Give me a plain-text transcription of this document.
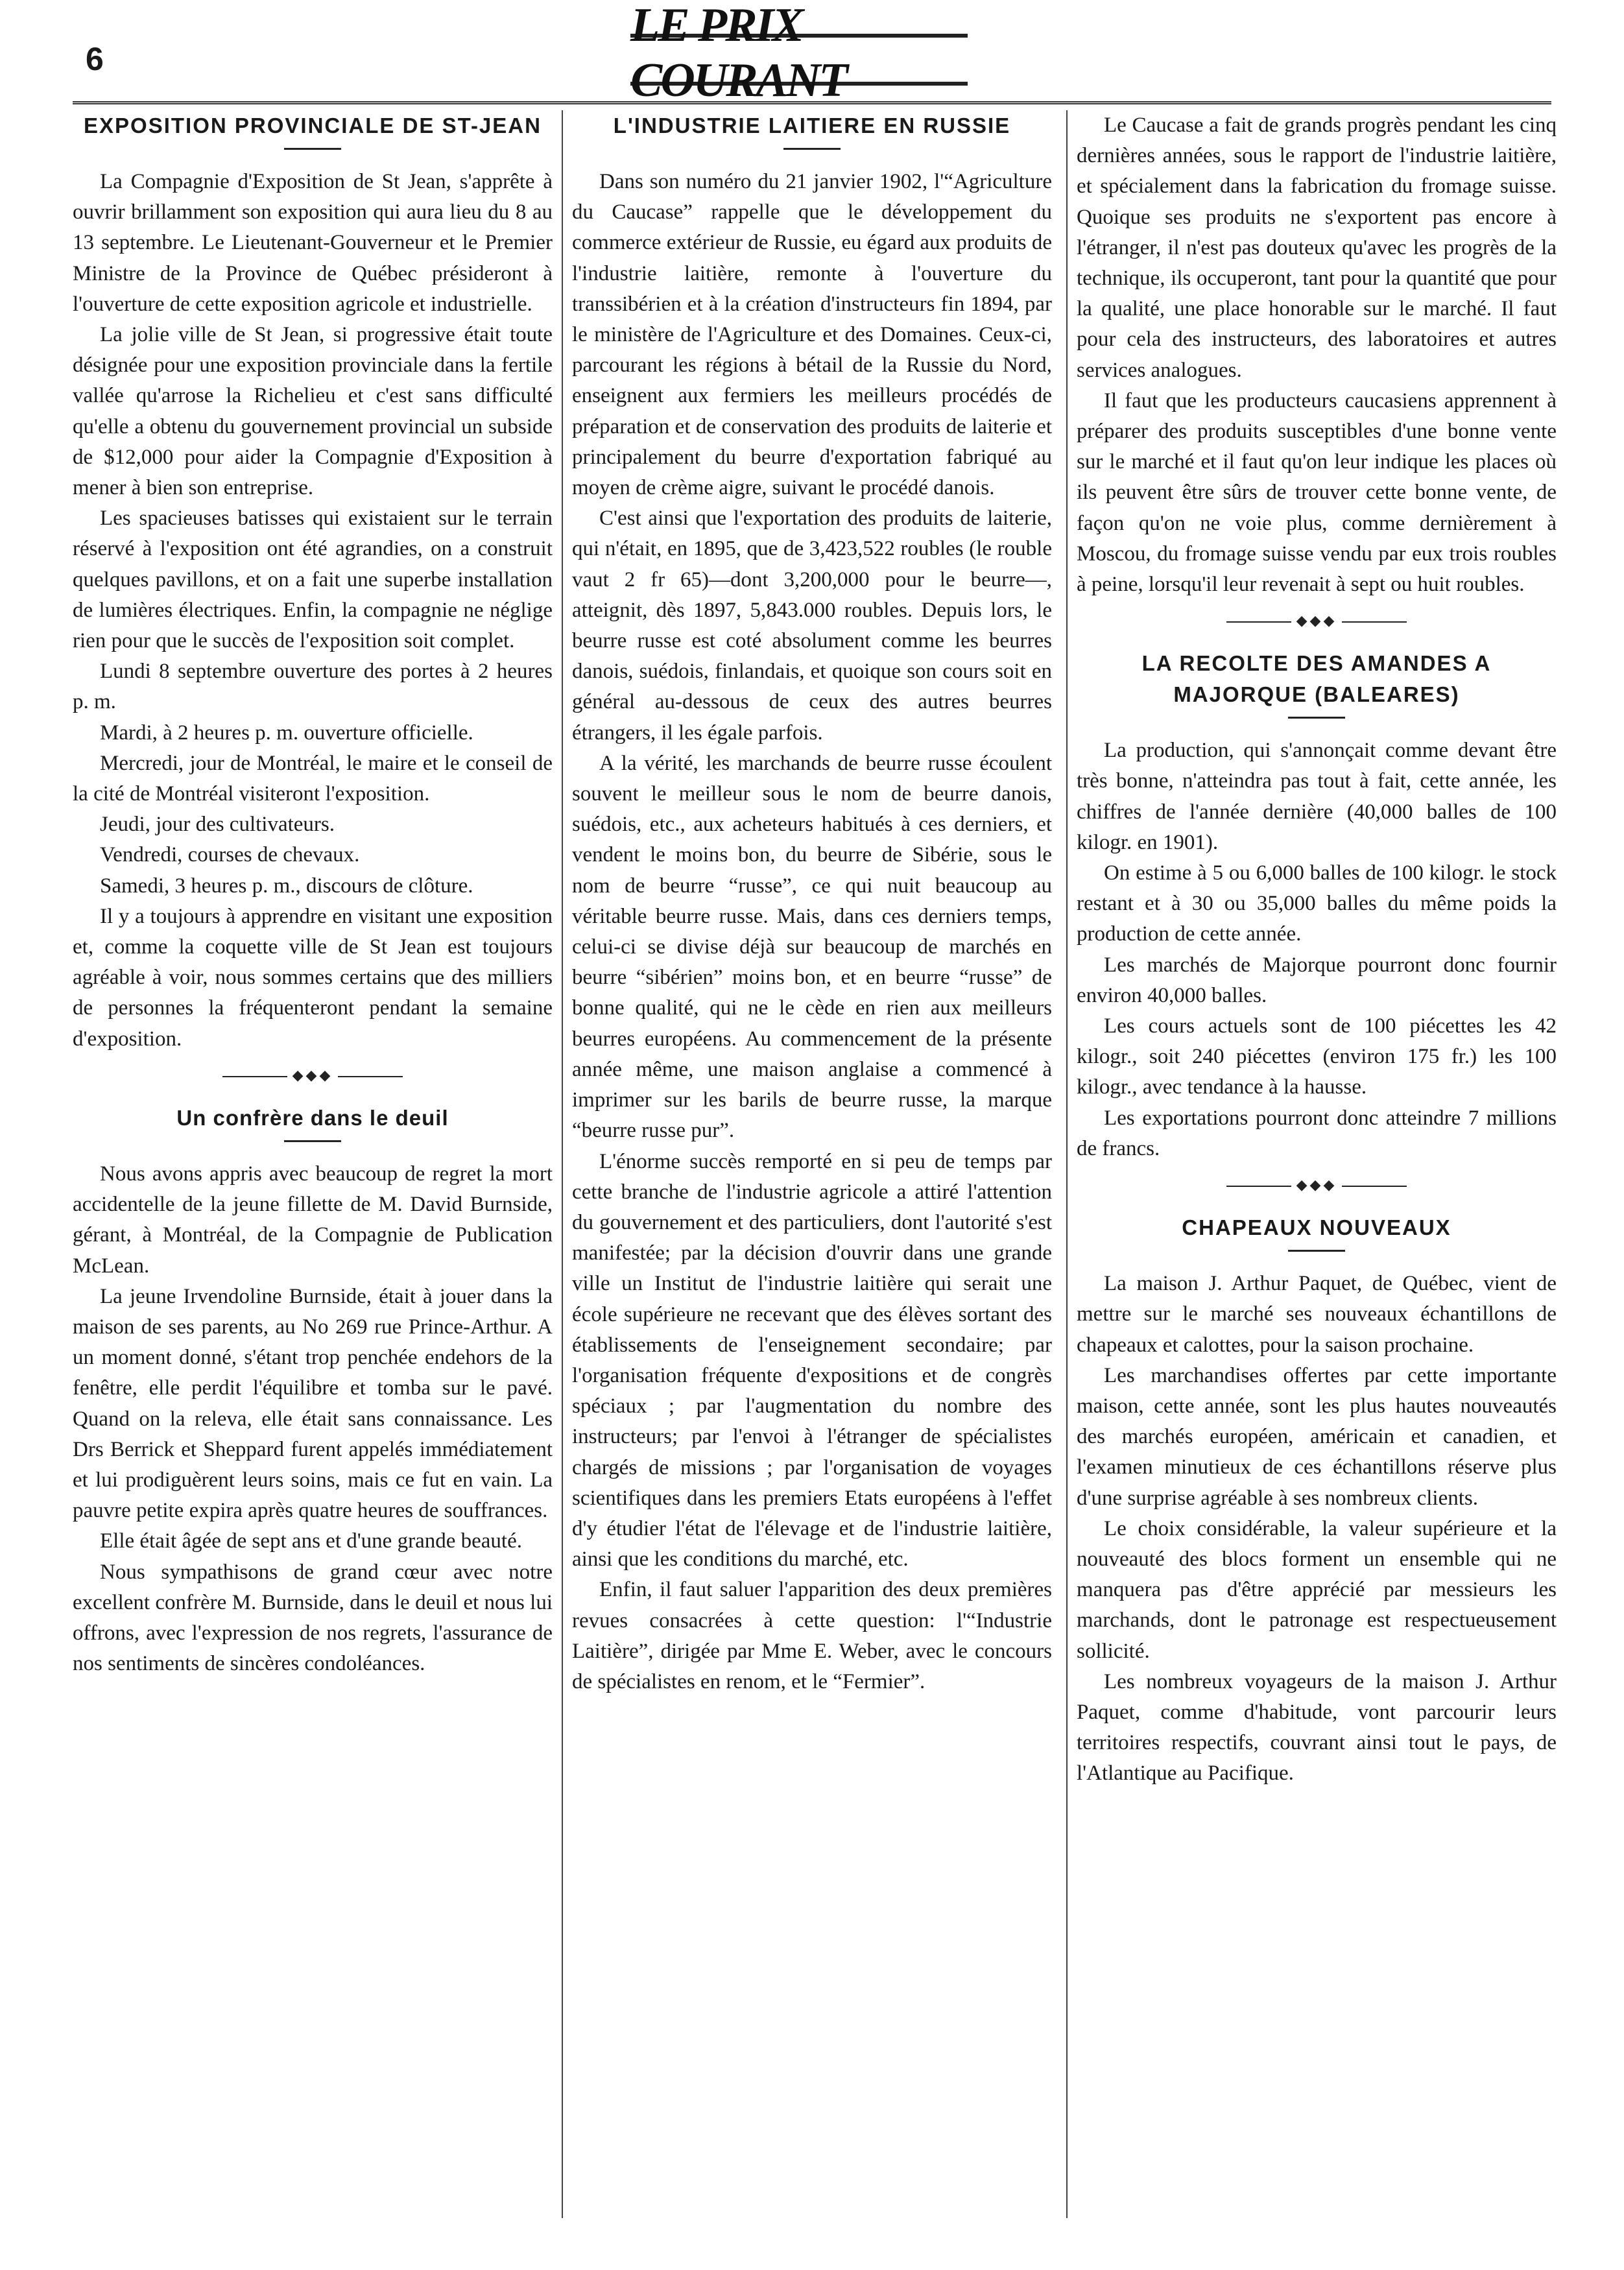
6
LE PRIX COURANT
EXPOSITION PROVINCIALE DE ST-JEAN

La Compagnie d'Exposition de St Jean, s'apprête à ouvrir brillamment son exposition qui aura lieu du 8 au 13 septembre. Le Lieutenant-Gouverneur et le Premier Ministre de la Province de Québec présideront à l'ouverture de cette exposition agricole et industrielle.

La jolie ville de St Jean, si progressive était toute désignée pour une exposition provinciale dans la fertile vallée qu'arrose la Richelieu et c'est sans difficulté qu'elle a obtenu du gouvernement provincial un subside de $12,000 pour aider la Compagnie d'Exposition à mener à bien son entreprise.

Les spacieuses batisses qui existaient sur le terrain réservé à l'exposition ont été agrandies, on a construit quelques pavillons, et on a fait une superbe installation de lumières électriques. Enfin, la compagnie ne néglige rien pour que le succès de l'exposition soit complet.

Lundi 8 septembre ouverture des portes à 2 heures p. m.

Mardi, à 2 heures p. m. ouverture officielle.

Mercredi, jour de Montréal, le maire et le conseil de la cité de Montréal visiteront l'exposition.

Jeudi, jour des cultivateurs.

Vendredi, courses de chevaux.

Samedi, 3 heures p. m., discours de clôture.

Il y a toujours à apprendre en visitant une exposition et, comme la coquette ville de St Jean est toujours agréable à voir, nous sommes certains que des milliers de personnes la fréquenteront pendant la semaine d'exposition.

◆◆◆
Un confrère dans le deuil

Nous avons appris avec beaucoup de regret la mort accidentelle de la jeune fillette de M. David Burnside, gérant, à Montréal, de la Compagnie de Publication McLean.

La jeune Irvendoline Burnside, était à jouer dans la maison de ses parents, au No 269 rue Prince-Arthur. A un moment donné, s'étant trop penchée endehors de la fenêtre, elle perdit l'équilibre et tomba sur le pavé. Quand on la releva, elle était sans connaissance. Les Drs Berrick et Sheppard furent appelés immédiatement et lui prodiguèrent leurs soins, mais ce fut en vain. La pauvre petite expira après quatre heures de souffrances.

Elle était âgée de sept ans et d'une grande beauté.

Nous sympathisons de grand cœur avec notre excellent confrère M. Burnside, dans le deuil et nous lui offrons, avec l'expression de nos regrets, l'assurance de nos sentiments de sincères condoléances.

L'INDUSTRIE LAITIERE EN RUSSIE

Dans son numéro du 21 janvier 1902, l'“Agriculture du Caucase” rappelle que le développement du commerce extérieur de Russie, eu égard aux produits de l'industrie laitière, remonte à l'ouverture du transsibérien et à la création d'instructeurs fin 1894, par le ministère de l'Agriculture et des Domaines. Ceux-ci, parcourant les régions à bétail de la Russie du Nord, enseignent aux fermiers les meilleurs procédés de préparation et de conservation des produits de laiterie et principalement du beurre d'exportation fabriqué au moyen de crème aigre, suivant le procédé danois.

C'est ainsi que l'exportation des produits de laiterie, qui n'était, en 1895, que de 3,423,522 roubles (le rouble vaut 2 fr 65)—dont 3,200,000 pour le beurre—, atteignit, dès 1897, 5,843.000 roubles. Depuis lors, le beurre russe est coté absolument comme les beurres danois, suédois, finlandais, et quoique son cours soit en général au-dessous de ceux des autres beurres étrangers, il les égale parfois.

A la vérité, les marchands de beurre russe écoulent souvent le meilleur sous le nom de beurre danois, suédois, etc., aux acheteurs habitués à ces derniers, et vendent le moins bon, du beurre de Sibérie, sous le nom de beurre “russe”, ce qui nuit beaucoup au véritable beurre russe. Mais, dans ces derniers temps, celui-ci se divise déjà sur beaucoup de marchés en beurre “sibérien” moins bon, et en beurre “russe” de bonne qualité, qui ne le cède en rien aux meilleurs beurres européens. Au commencement de la présente année même, une maison anglaise a commencé à imprimer sur les barils de beurre russe, la marque “beurre russe pur”.

L'énorme succès remporté en si peu de temps par cette branche de l'industrie agricole a attiré l'attention du gouvernement et des particuliers, dont l'autorité s'est manifestée; par la décision d'ouvrir dans une grande ville un Institut de l'industrie laitière qui serait une école supérieure ne recevant que des élèves sortant des établissements de l'enseignement secondaire; par l'organisation fréquente d'expositions et de congrès spéciaux ; par l'augmentation du nombre des instructeurs; par l'envoi à l'étranger de spécialistes chargés de missions ; par l'organisation de voyages scientifiques dans les premiers Etats européens à l'effet d'y étudier l'état de l'élevage et de l'industrie laitière, ainsi que les conditions du marché, etc.

Enfin, il faut saluer l'apparition des deux premières revues consacrées à cette question: l'“Industrie Laitière”, dirigée par Mme E. Weber, avec le concours de spécialistes en renom, et le “Fermier”.

Le Caucase a fait de grands progrès pendant les cinq dernières années, sous le rapport de l'industrie laitière, et spécialement dans la fabrication du fromage suisse. Quoique ses produits ne s'exportent pas encore à l'étranger, il n'est pas douteux qu'avec les progrès de la technique, ils occuperont, tant pour la quantité que pour la qualité, une place honorable sur le marché. Il faut pour cela des instructeurs, des laboratoires et autres services analogues.

Il faut que les producteurs caucasiens apprennent à préparer des produits susceptibles d'une bonne vente sur le marché et il faut qu'on leur indique les places où ils peuvent être sûrs de trouver cette bonne vente, de façon qu'on ne voie plus, comme dernièrement à Moscou, du fromage suisse vendu par eux trois roubles à peine, lorsqu'il leur revenait à sept ou huit roubles.

◆◆◆
LA RECOLTE DES AMANDES A MAJORQUE (BALEARES)

La production, qui s'annonçait comme devant être très bonne, n'atteindra pas tout à fait, cette année, les chiffres de l'année dernière (40,000 balles de 100 kilogr. en 1901).

On estime à 5 ou 6,000 balles de 100 kilogr. le stock restant et à 30 ou 35,000 balles du même poids la production de cette année.

Les marchés de Majorque pourront donc fournir environ 40,000 balles.

Les cours actuels sont de 100 piécettes les 42 kilogr., soit 240 piécettes (environ 175 fr.) les 100 kilogr., avec tendance à la hausse.

Les exportations pourront donc atteindre 7 millions de francs.

◆◆◆
CHAPEAUX NOUVEAUX

La maison J. Arthur Paquet, de Québec, vient de mettre sur le marché ses nouveaux échantillons de chapeaux et calottes, pour la saison prochaine.

Les marchandises offertes par cette importante maison, cette année, sont les plus hautes nouveautés des marchés européen, américain et canadien, et l'examen minutieux de ces échantillons réserve plus d'une surprise agréable à ses nombreux clients.

Le choix considérable, la valeur supérieure et la nouveauté des blocs forment un ensemble qui ne manquera pas d'être apprécié par messieurs les marchands, dont le patronage est respectueusement sollicité.

Les nombreux voyageurs de la maison J. Arthur Paquet, comme d'habitude, vont parcourir leurs territoires respectifs, couvrant ainsi tout le pays, de l'Atlantique au Pacifique.
